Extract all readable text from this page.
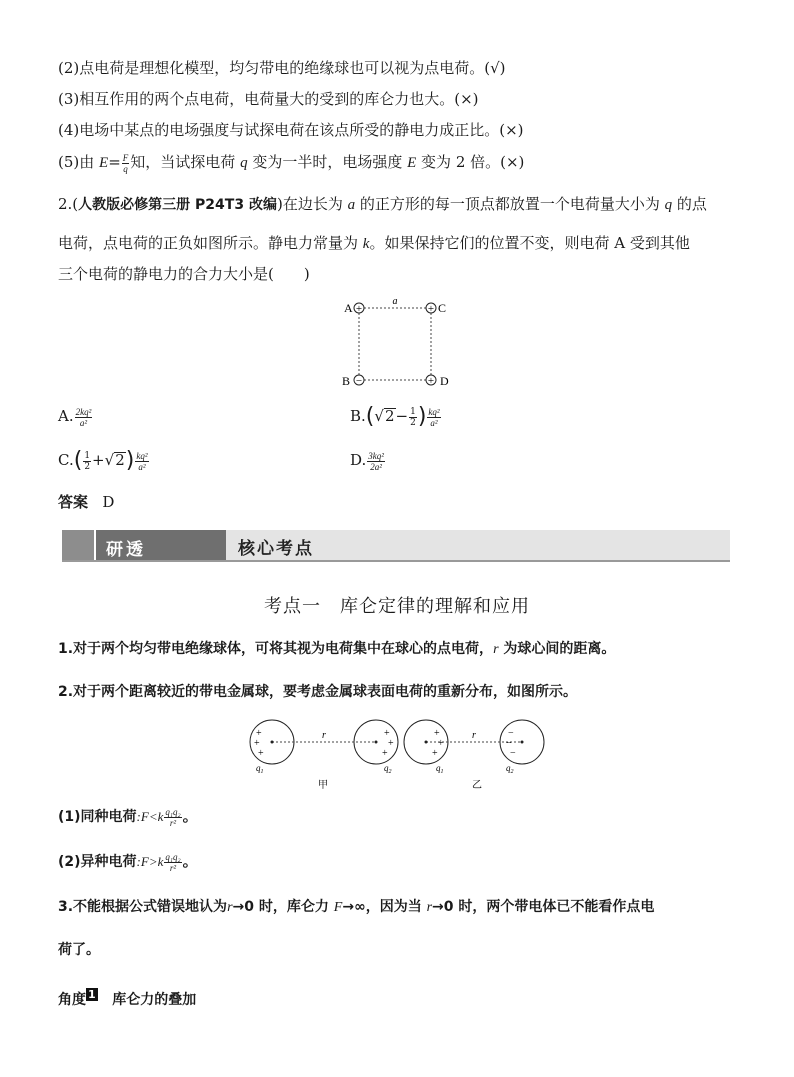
(2)点电荷是理想化模型，均匀带电的绝缘球也可以视为点电荷。(√)
(3)相互作用的两个点电荷，电荷量大的受到的库仑力也大。(×)
(4)电场中某点的电场强度与试探电荷在该点所受的静电力成正比。(×)
(5)由 $E= \frac{F}{q}$ 知，当试探电荷 q 变为一半时，电场强度 E 变为 2 倍。(×)
2.(人教版必修第三册 P24T3 改编)在边长为 a 的正方形的每一顶点都放置一个电荷量大小为 q 的点
电荷，点电荷的正负如图所示。静电力常量为 k。如果保持它们的位置不变，则电荷 A 受到其他
三个电荷的静电力的合力大小是(　　)
a
A +	+ C
B −	+ D
A. $\frac{\text{2kq²}}{\text{a²}}$	$B.(√2- \frac{1}{2}$ ) $\frac{\text{kq²}}{\text{a²}}$
$C.( \frac{1}{2} +√2) \frac{\text{kq²}}{\text{a²}}$	D. $\frac{\text{3kq²}}{\text{2a²}}$
答案 D
研透	核心考点
考点一　库仑定律的理解和应用
1.对于两个均匀带电绝缘球体，可将其视为电荷集中在球心的点电荷，r 为球心间的距离。
2.对于两个距离较近的带电金属球，要考虑金属球表面电荷的重新分布，如图所示。
+
+
+
+
+
+
r
$q_1$	$q_2$
甲
+
+
+
−
−
−
r
$q_1$	$q_2$
乙
(1)同种电荷:F<k $\frac{\text{q₁q₂}}{\text{r²}}$ 。
(2)异种电荷:F>k $\frac{\text{q₁q₂}}{\text{r²}}$ 。
3.不能根据公式错误地认为r→0 时，库仑力 F→∞，因为当 r→0 时，两个带电体已不能看作点电
荷了。
角度 1 库仑力的叠加
